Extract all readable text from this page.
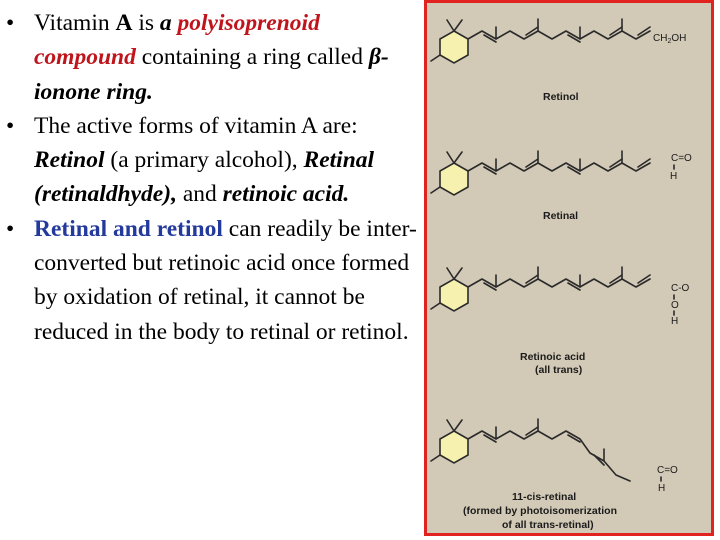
• Vitamin A is a polyisoprenoid compound containing a ring called β-ionone ring.
• The active forms of vitamin A are: Retinol (a primary alcohol), Retinal (retinaldhyde), and retinoic acid.
• Retinal and retinol can readily be inter-converted but retinoic acid once formed by oxidation of retinal, it cannot be reduced in the body to retinal or retinol.
$CH_2OH$
Retinol
C=O
H
Retinal
C-O
O
H
Retinoic acid
(all trans)
C=O
H
11-cis-retinal
(formed by photoisomerization
of all trans-retinal)
